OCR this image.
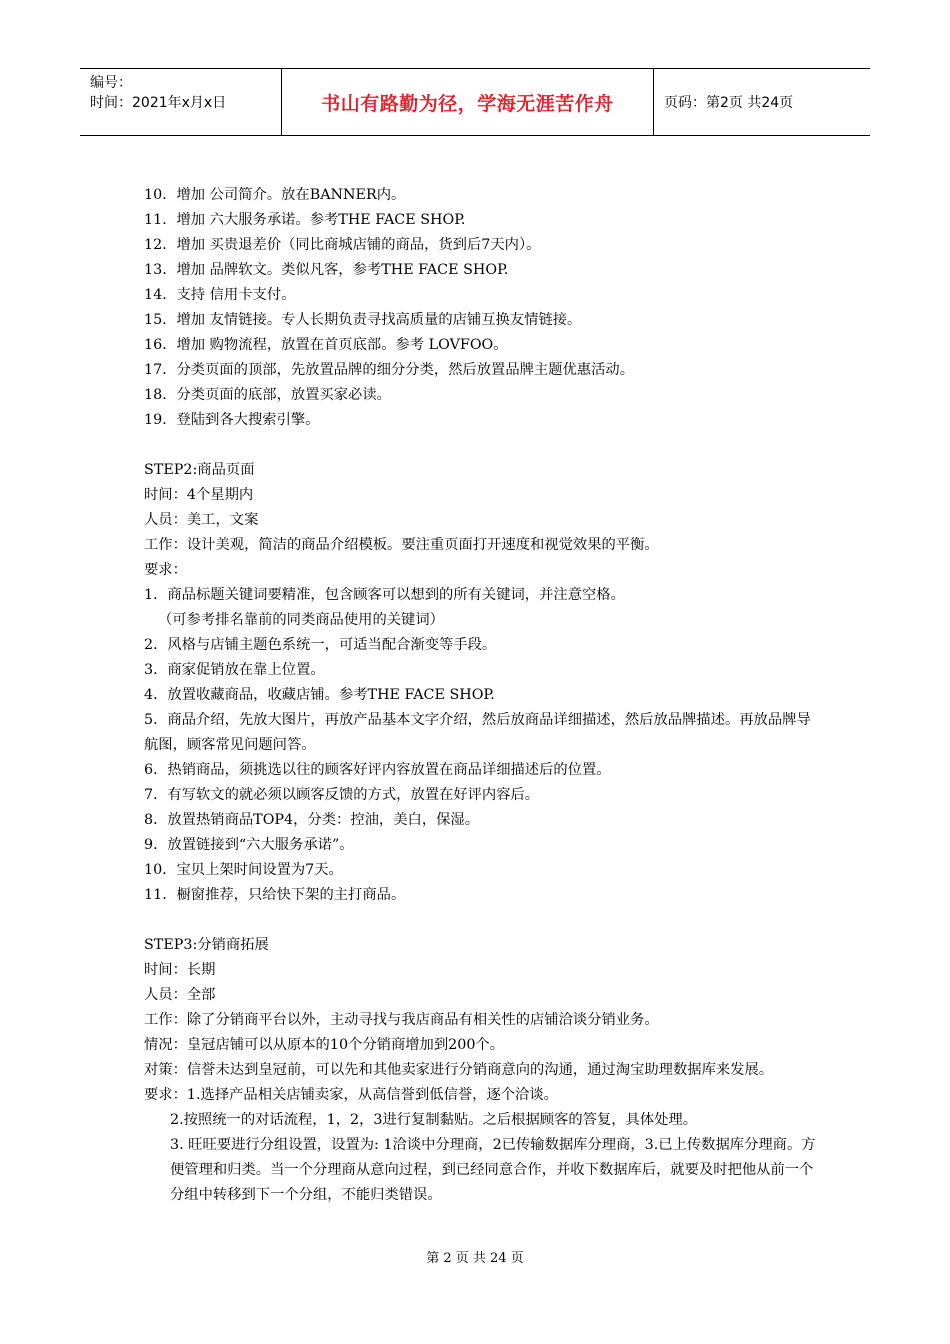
编号：
时间：2021年x月x日	书山有路勤为径，学海无涯苦作舟	页码：第2页 共24页
10．增加 公司简介。放在BANNER内。
11．增加 六大服务承诺。参考THE FACE SHOP.
12．增加 买贵退差价（同比商城店铺的商品，货到后7天内）。
13．增加 品牌软文。类似凡客，参考THE FACE SHOP.
14．支持 信用卡支付。
15．增加 友情链接。专人长期负责寻找高质量的店铺互换友情链接。
16．增加 购物流程，放置在首页底部。参考 LOVFOO。
17．分类页面的顶部，先放置品牌的细分分类，然后放置品牌主题优惠活动。
18．分类页面的底部，放置买家必读。
19．登陆到各大搜索引擎。
STEP2:商品页面
时间：4个星期内
人员：美工，文案
工作：设计美观，简洁的商品介绍模板。要注重页面打开速度和视觉效果的平衡。
要求：
1．商品标题关键词要精准，包含顾客可以想到的所有关键词，并注意空格。
（可参考排名靠前的同类商品使用的关键词）
2．风格与店铺主题色系统一，可适当配合渐变等手段。
3．商家促销放在靠上位置。
4．放置收藏商品，收藏店铺。参考THE FACE SHOP.
5．商品介绍，先放大图片，再放产品基本文字介绍，然后放商品详细描述，然后放品牌描述。再放品牌导航图，顾客常见问题问答。
6．热销商品，须挑选以往的顾客好评内容放置在商品详细描述后的位置。
7．有写软文的就必须以顾客反馈的方式，放置在好评内容后。
8．放置热销商品TOP4，分类：控油，美白，保湿。
9．放置链接到“六大服务承诺”。
10．宝贝上架时间设置为7天。
11．橱窗推荐，只给快下架的主打商品。
STEP3:分销商拓展
时间：长期
人员：全部
工作：除了分销商平台以外，主动寻找与我店商品有相关性的店铺洽谈分销业务。
情况：皇冠店铺可以从原本的10个分销商增加到200个。
对策：信誉未达到皇冠前，可以先和其他卖家进行分销商意向的沟通，通过淘宝助理数据库来发展。
要求：1.选择产品相关店铺卖家，从高信誉到低信誉，逐个洽谈。
2.按照统一的对话流程，1，2，3进行复制黏贴。之后根据顾客的答复，具体处理。
3. 旺旺要进行分组设置，设置为: 1洽谈中分理商，2已传输数据库分理商，3.已上传数据库分理商。方便管理和归类。当一个分理商从意向过程，到已经同意合作，并收下数据库后，就要及时把他从前一个分组中转移到下一个分组，不能归类错误。
第 2 页 共 24 页
